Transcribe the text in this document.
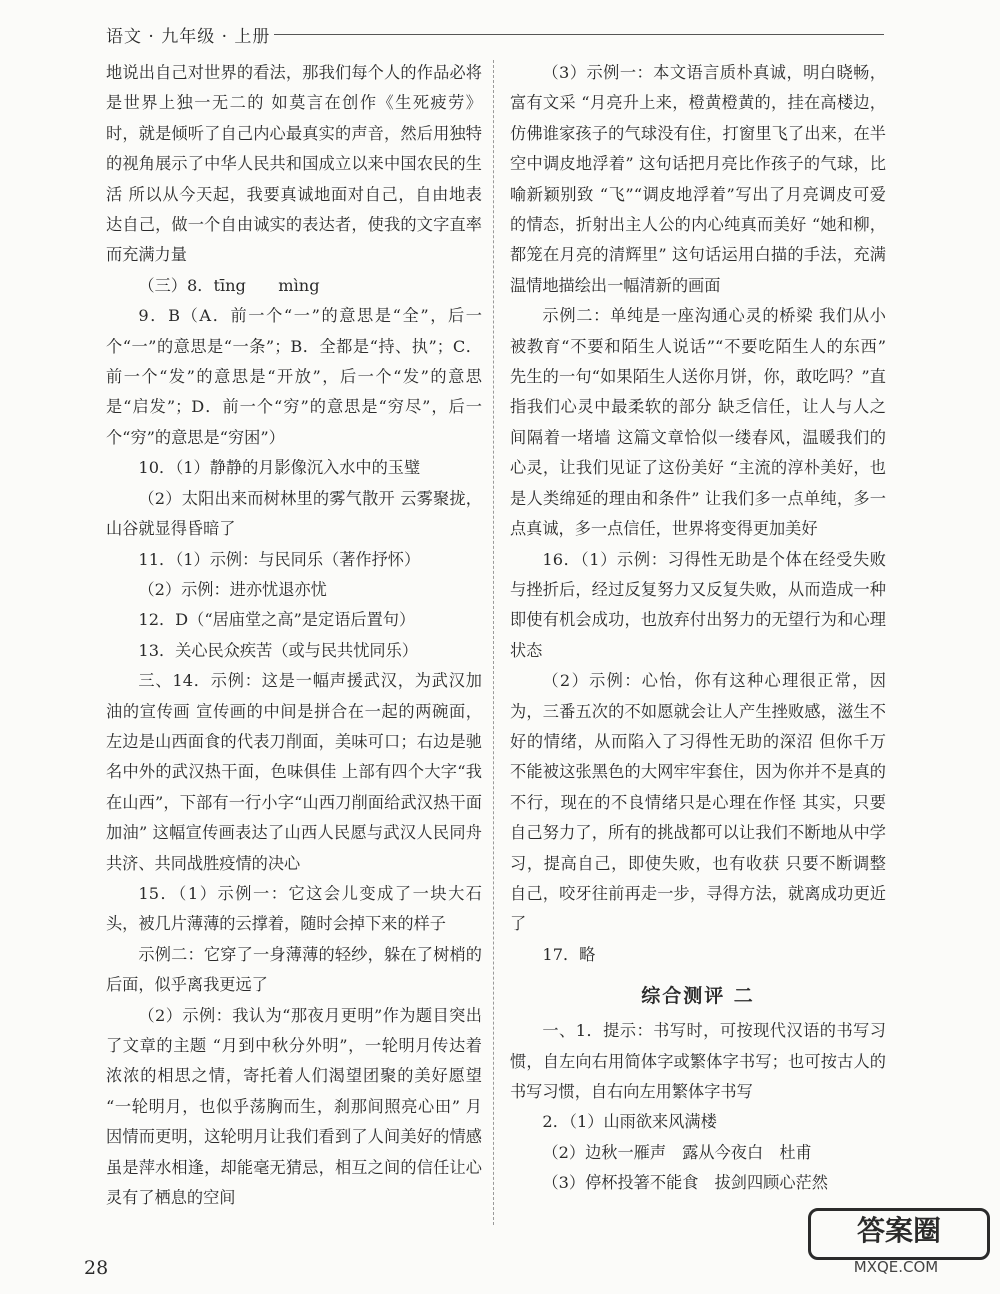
语文 · 九年级 · 上册

地说出自己对世界的看法，那我们每个人的作品必将是世界上独一无二的 如莫言在创作《生死疲劳》时，就是倾听了自己内心最真实的声音，然后用独特的视角展示了中华人民共和国成立以来中国农民的生活 所以从今天起，我要真诚地面对自己，自由地表达自己，做一个自由诚实的表达者，使我的文字直率而充满力量

（三）8．tīng　　mìng

9．B（A．前一个“一”的意思是“全”，后一个“一”的意思是“一条”；B．全都是“持、执”；C．前一个“发”的意思是“开放”，后一个“发”的意思是“启发”；D．前一个“穷”的意思是“穷尽”，后一个“穷”的意思是“穷困”）

10．（1）静静的月影像沉入水中的玉璧

（2）太阳出来而树林里的雾气散开 云雾聚拢，山谷就显得昏暗了

11．（1）示例：与民同乐（著作抒怀）

（2）示例：进亦忧退亦忧

12．D（“居庙堂之高”是定语后置句）

13．关心民众疾苦（或与民共忧同乐）

三、14．示例：这是一幅声援武汉，为武汉加油的宣传画 宣传画的中间是拼合在一起的两碗面，左边是山西面食的代表刀削面，美味可口；右边是驰名中外的武汉热干面，色味俱佳 上部有四个大字“我在山西”，下部有一行小字“山西刀削面给武汉热干面加油” 这幅宣传画表达了山西人民愿与武汉人民同舟共济、共同战胜疫情的决心

15．（1）示例一：它这会儿变成了一块大石头，被几片薄薄的云撑着，随时会掉下来的样子

示例二：它穿了一身薄薄的轻纱，躲在了树梢的后面，似乎离我更远了

（2）示例：我认为“那夜月更明”作为题目突出了文章的主题 “月到中秋分外明”，一轮明月传达着浓浓的相思之情，寄托着人们渴望团聚的美好愿望 “一轮明月，也似乎荡胸而生，刹那间照亮心田” 月因情而更明，这轮明月让我们看到了人间美好的情感 虽是萍水相逢，却能毫无猜忌，相互之间的信任让心灵有了栖息的空间

（3）示例一：本文语言质朴真诚，明白晓畅，富有文采 “月亮升上来，橙黄橙黄的，挂在高楼边，仿佛谁家孩子的气球没有住，打窗里飞了出来，在半空中调皮地浮着” 这句话把月亮比作孩子的气球，比喻新颖别致 “飞”“调皮地浮着”写出了月亮调皮可爱的情态，折射出主人公的内心纯真而美好 “她和柳，都笼在月亮的清辉里” 这句话运用白描的手法，充满温情地描绘出一幅清新的画面

示例二：单纯是一座沟通心灵的桥梁 我们从小被教育“不要和陌生人说话”“不要吃陌生人的东西” 先生的一句“如果陌生人送你月饼，你，敢吃吗？”直指我们心灵中最柔软的部分 缺乏信任，让人与人之间隔着一堵墙 这篇文章恰似一缕春风，温暖我们的心灵，让我们见证了这份美好 “主流的淳朴美好，也是人类绵延的理由和条件” 让我们多一点单纯，多一点真诚，多一点信任，世界将变得更加美好

16．（1）示例：习得性无助是个体在经受失败与挫折后，经过反复努力又反复失败，从而造成一种即使有机会成功，也放弃付出努力的无望行为和心理状态

（2）示例：心怡，你有这种心理很正常，因为，三番五次的不如愿就会让人产生挫败感，滋生不好的情绪，从而陷入了习得性无助的深沼 但你千万不能被这张黑色的大网牢牢套住，因为你并不是真的不行，现在的不良情绪只是心理在作怪 其实，只要自己努力了，所有的挑战都可以让我们不断地从中学习，提高自己，即使失败，也有收获 只要不断调整自己，咬牙往前再走一步，寻得方法，就离成功更近了

17．略

综合测评 二

一、1．提示：书写时，可按现代汉语的书写习惯，自左向右用简体字或繁体字书写；也可按古人的书写习惯，自右向左用繁体字书写

2．（1）山雨欲来风满楼

（2）边秋一雁声　露从今夜白　杜甫

（3）停杯投箸不能食　拔剑四顾心茫然

28
答案圈
MXQE.COM
